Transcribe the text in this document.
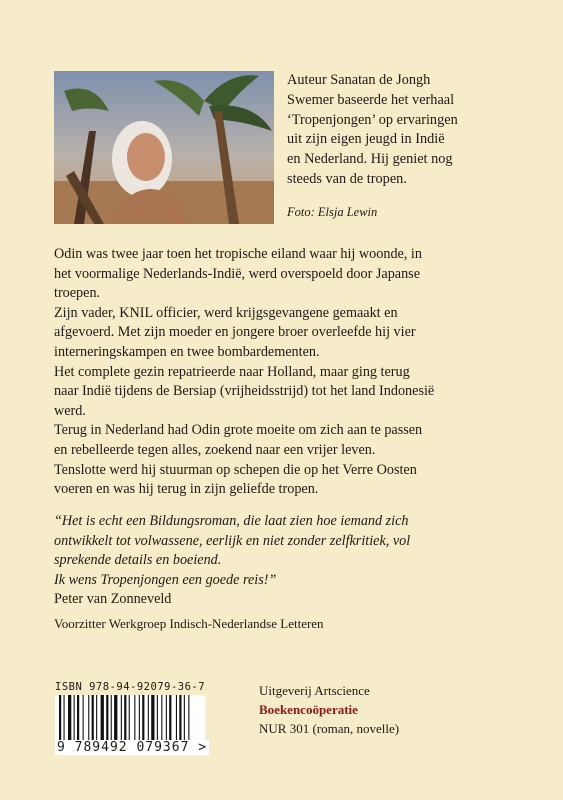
Auteur Sanatan de Jongh
Swemer baseerde het verhaal
‘Tropenjongen’ op ervaringen
uit zijn eigen jeugd in Indië
en Nederland. Hij geniet nog
steeds van de tropen.
Foto: Elsja Lewin

Odin was twee jaar toen het tropische eiland waar hij woonde, in

het voormalige Nederlands-Indië, werd overspoeld door Japanse

troepen.

Zijn vader, KNIL officier, werd krijgsgevangene gemaakt en

afgevoerd. Met zijn moeder en jongere broer overleefde hij vier

interneringskampen en twee bombardementen.

Het complete gezin repatrieerde naar Holland, maar ging terug

naar Indië tijdens de Bersiap (vrijheidsstrijd) tot het land Indonesië

werd.

Terug in Nederland had Odin grote moeite om zich aan te passen

en rebelleerde tegen alles, zoekend naar een vrijer leven.

Tenslotte werd hij stuurman op schepen die op het Verre Oosten

voeren en was hij terug in zijn geliefde tropen.

“Het is echt een Bildungsroman, die laat zien hoe iemand zich

ontwikkelt tot volwassene, eerlijk en niet zonder zelfkritiek, vol

sprekende details en boeiend.

Ik wens Tropenjongen een goede reis!”

Peter van Zonneveld

Voorzitter Werkgroep Indisch-Nederlandse Letteren

ISBN 978-94-92079-36-7
9 789492 079367 >
Uitgeverij Artscience
Boekencoöperatie
NUR 301 (roman, novelle)
